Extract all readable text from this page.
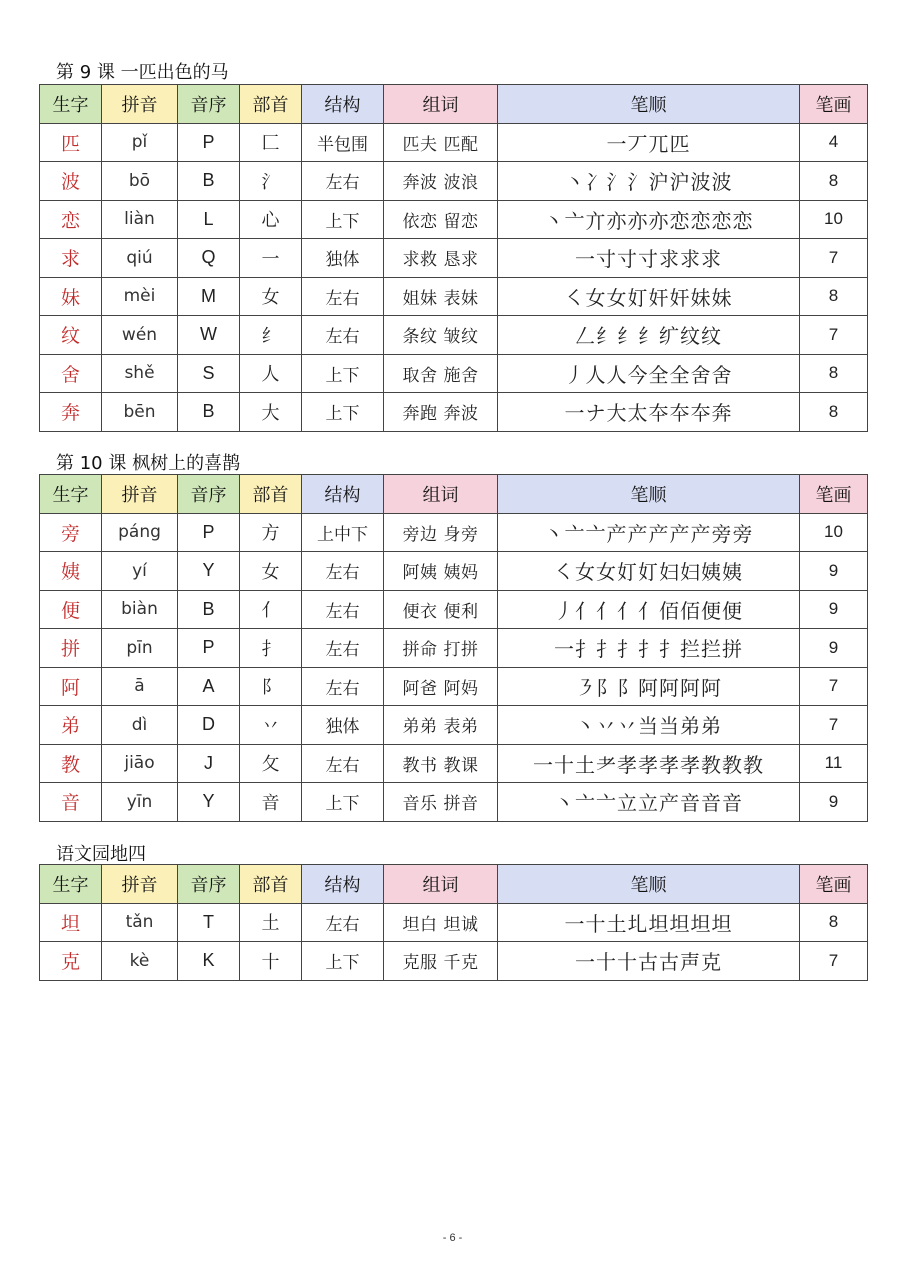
第 9 课 一匹出色的马
生字	拼音	音序	部首	结构	组词	笔顺	笔画
匹	pǐ	P	匚	半包围	匹夫 匹配	一丆兀匹	4
波	bō	B	氵	左右	奔波 波浪	丶冫氵氵沪沪波波	8
恋	liàn	L	心	上下	依恋 留恋	丶亠亣亦亦亦恋恋恋恋	10
求	qiú	Q	一	独体	求救 恳求	一寸寸寸求求求	7
妹	mèi	M	女	左右	姐妹 表妹	㇛女女奵奸奸妹妹	8
纹	wén	W	纟	左右	条纹 皱纹	𠃋纟纟纟纩纹纹	7
舍	shě	S	人	上下	取舍 施舍	丿人人今全全舍舍	8
奔	bēn	B	大	上下	奔跑 奔波	一ナ大太夲夲夲奔	8
第 10 课 枫树上的喜鹊
生字	拼音	音序	部首	结构	组词	笔顺	笔画
旁	páng	P	方	上中下	旁边 身旁	丶亠亠产产产产产旁旁	10
姨	yí	Y	女	左右	阿姨 姨妈	㇛女女奵奵妇妇姨姨	9
便	biàn	B	亻	左右	便衣 便利	丿亻亻亻亻佰佰便便	9
拼	pīn	P	扌	左右	拼命 打拼	一扌扌扌扌扌拦拦拼	9
阿	ā	A	阝	左右	阿爸 阿妈	㇋阝阝阿阿阿阿	7
弟	dì	D	丷	独体	弟弟 表弟	丶丷丷当当弟弟	7
教	jiāo	J	攵	左右	教书 教课	一十土耂孝孝孝孝教教教	11
音	yīn	Y	音	上下	音乐 拼音	丶亠亠立立产音音音	9
语文园地四
生字	拼音	音序	部首	结构	组词	笔顺	笔画
坦	tǎn	T	土	左右	坦白 坦诚	一十土圠坦坦坦坦	8
克	kè	K	十	上下	克服 千克	一十十古古声克	7
- 6 -
